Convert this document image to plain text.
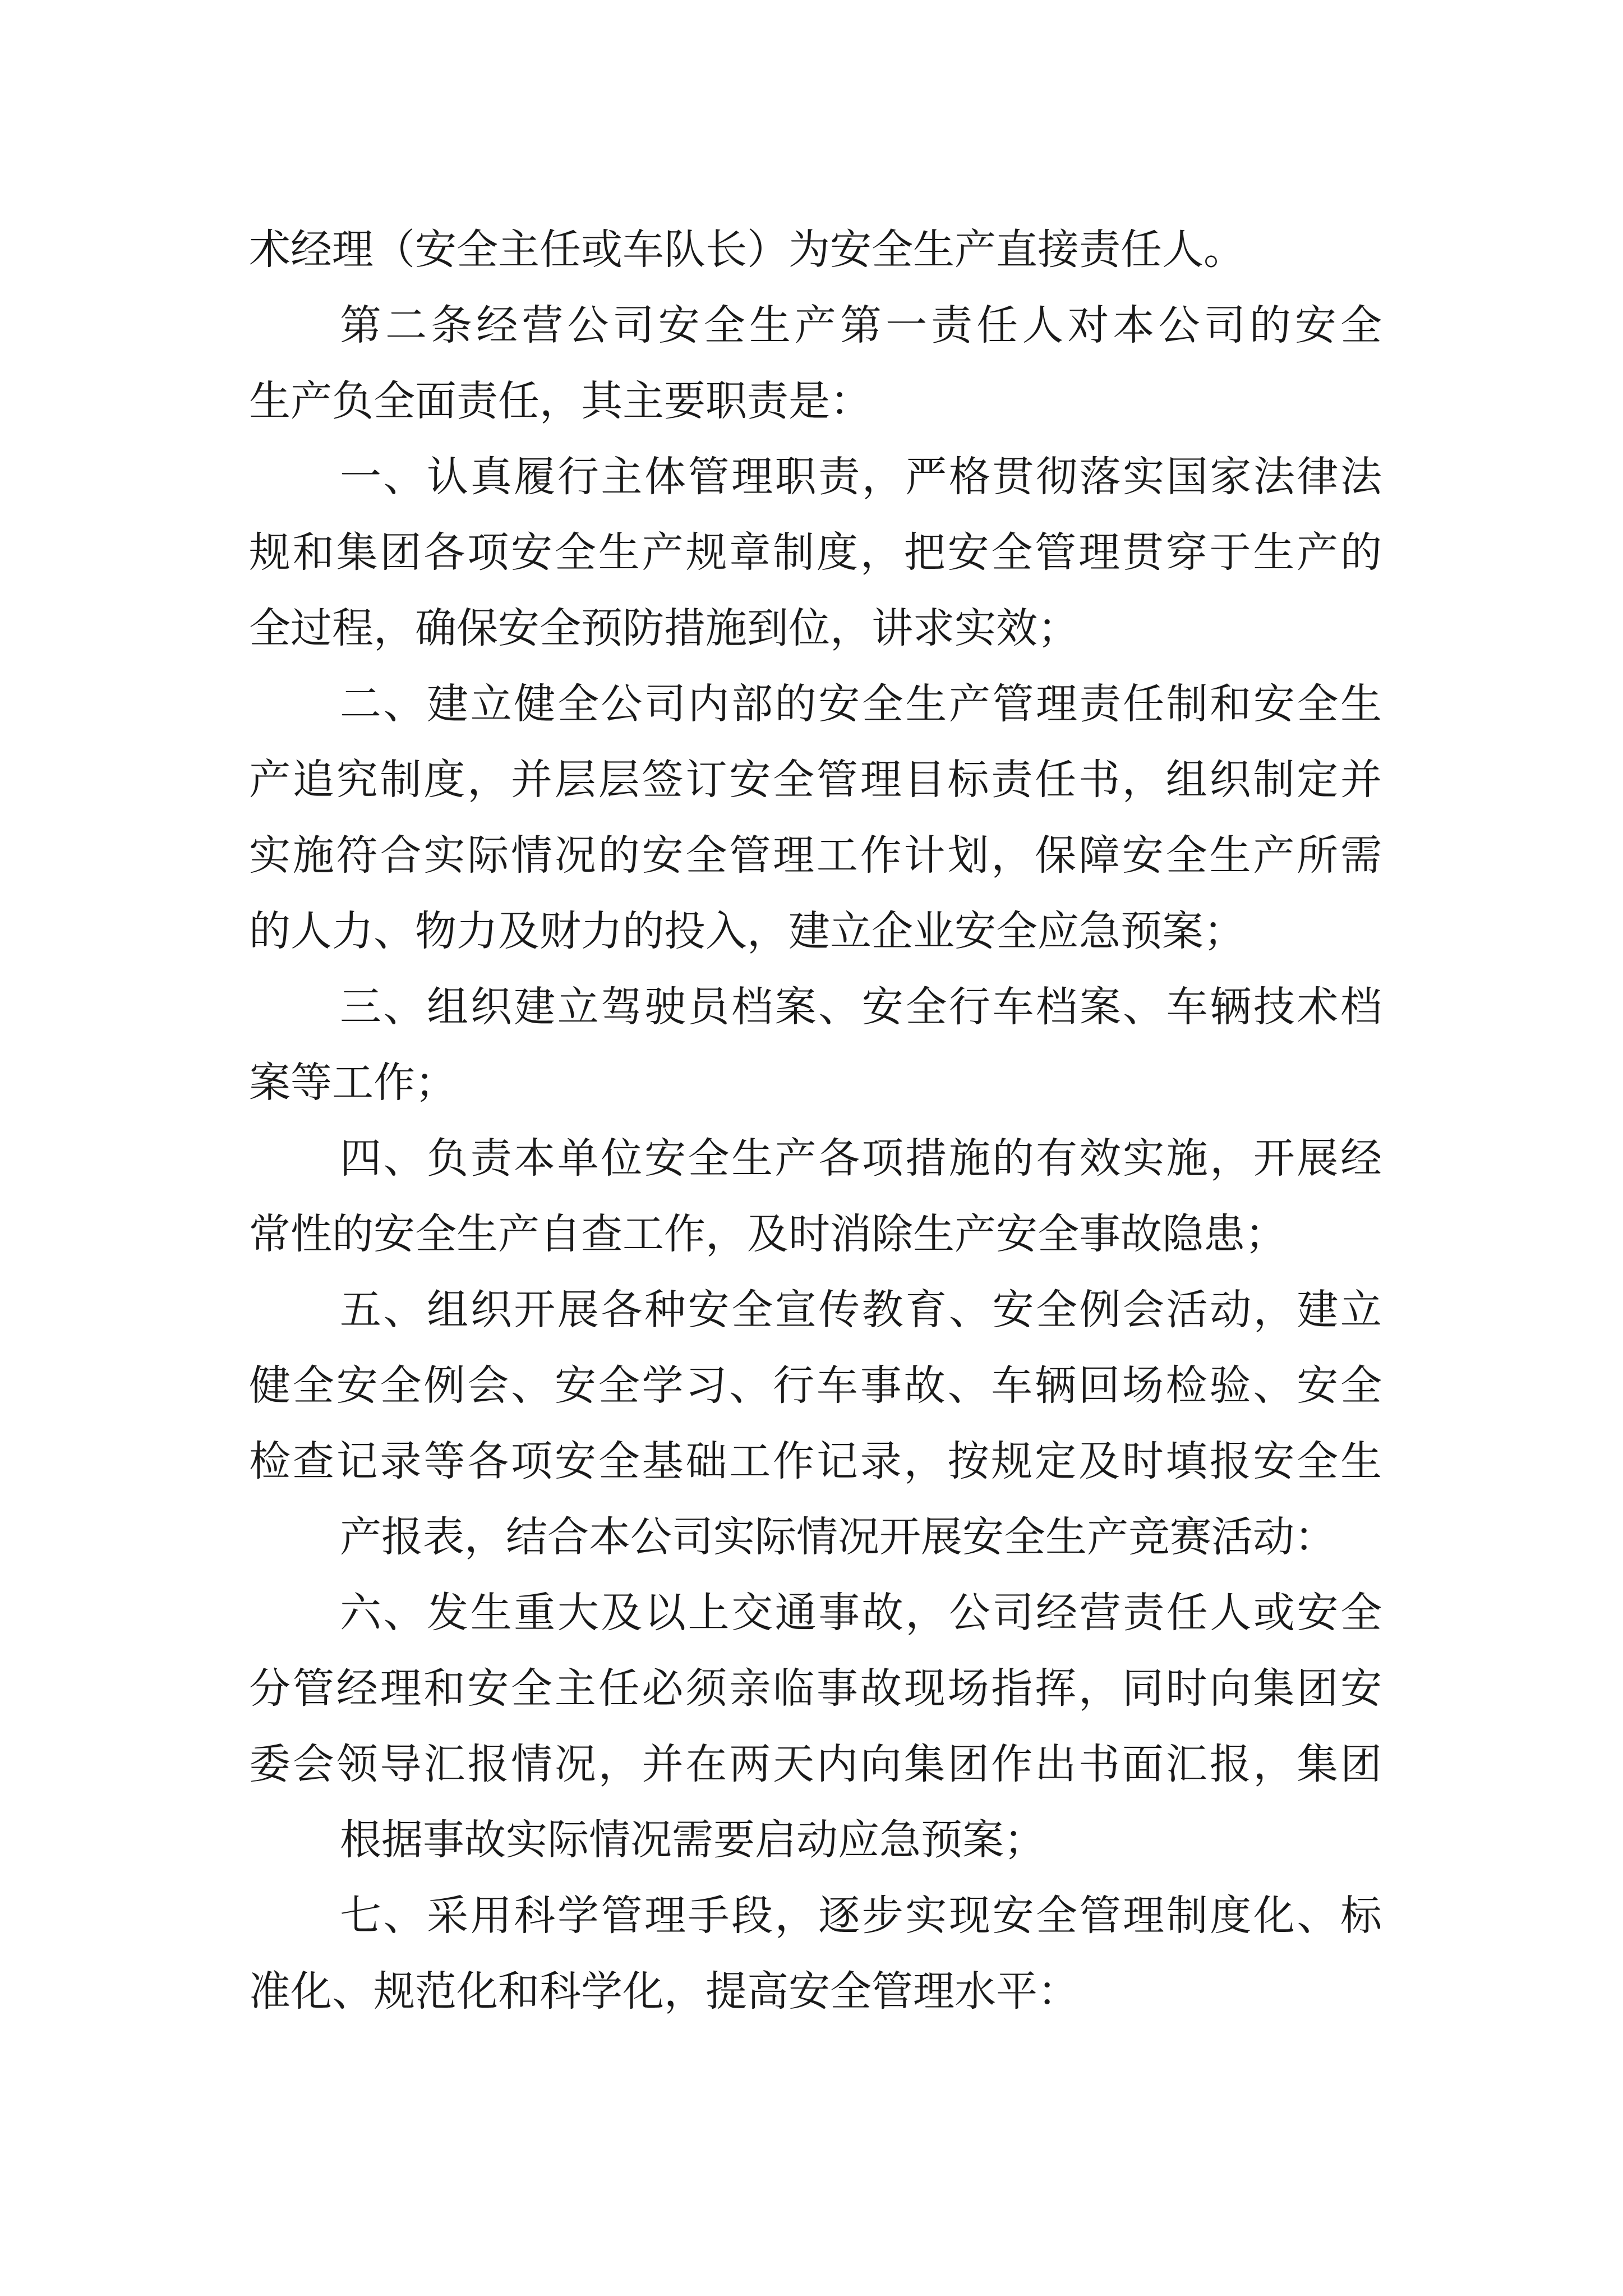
术经理（安全主任或车队长）为安全生产直接责任人。
第二条经营公司安全生产第一责任人对本公司的安全
生产负全面责任，其主要职责是：
一、认真履行主体管理职责，严格贯彻落实国家法律法
规和集团各项安全生产规章制度，把安全管理贯穿于生产的
全过程，确保安全预防措施到位，讲求实效；
二、建立健全公司内部的安全生产管理责任制和安全生
产追究制度，并层层签订安全管理目标责任书，组织制定并
实施符合实际情况的安全管理工作计划，保障安全生产所需
的人力、物力及财力的投入，建立企业安全应急预案；
三、组织建立驾驶员档案、安全行车档案、车辆技术档
案等工作；
四、负责本单位安全生产各项措施的有效实施，开展经
常性的安全生产自查工作，及时消除生产安全事故隐患；
五、组织开展各种安全宣传教育、安全例会活动，建立
健全安全例会、安全学习、行车事故、车辆回场检验、安全
检查记录等各项安全基础工作记录，按规定及时填报安全生
产报表，结合本公司实际情况开展安全生产竞赛活动：
六、发生重大及以上交通事故，公司经营责任人或安全
分管经理和安全主任必须亲临事故现场指挥，同时向集团安
委会领导汇报情况，并在两天内向集团作出书面汇报，集团
根据事故实际情况需要启动应急预案；
七、采用科学管理手段，逐步实现安全管理制度化、标
准化、规范化和科学化，提高安全管理水平：
